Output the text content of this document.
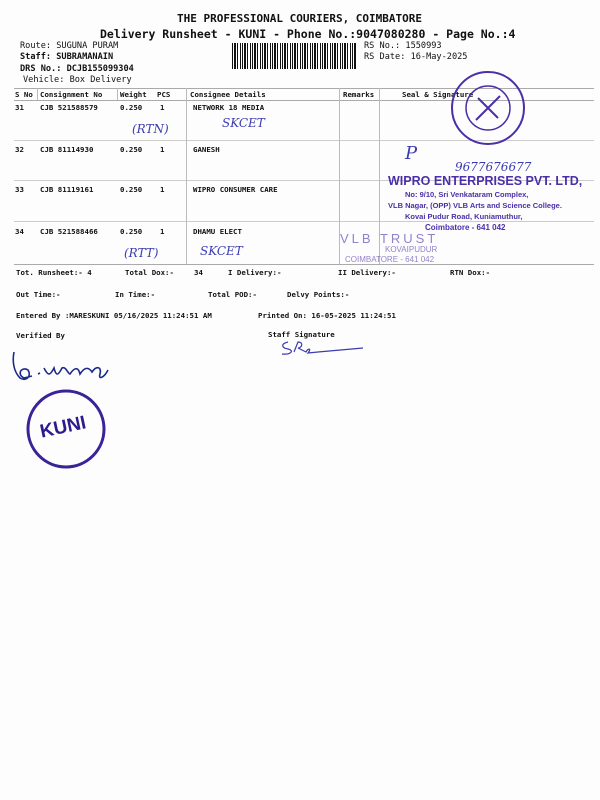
THE PROFESSIONAL COURIERS, COIMBATORE
Delivery Runsheet - KUNI - Phone No.:9047080280 - Page No.:4
Route: SUGUNA PURAM
Staff: SUBRAMANAIN
DRS No.: DCJB155099304
Vehicle: Box Delivery
RS No.: 1550993
RS Date: 16-May-2025
S No Consignment No Weight PCS	Consignee Details	Remarks	Seal & Signature
31 CJB 521588579	0.250 1	NETWORK 18 MEDIA
(RTN)	SKCET
32 CJB 81114930	0.250 1	GANESH
33 CJB 81119161	0.250 1	WIPRO CONSUMER CARE
34 CJB 521588466	0.250 1	DHAMU ELECT
(RTT)	SKCET
P
9677676677
WIPRO ENTERPRISES PVT. LTD,
No: 9/10, Sri Venkataram Complex,
VLB Nagar, (OPP) VLB Arts and Science College.
Kovai Pudur Road, Kuniamuthur,
Coimbatore - 641 042
VLB TRUST
KOVAIPUDUR
COIMBATORE - 641 042
Tot. Runsheet:- 4	Total Dox:-	34	I Delivery:-	II Delivery:-	RTN Dox:-
Out Time:-	In Time:-	Total POD:-	Delvy Points:-
Entered By :MARESKUNI 05/16/2025 11:24:51 AM	Printed On: 16-05-2025 11:24:51
Verified By	Staff Signature
KUNI
